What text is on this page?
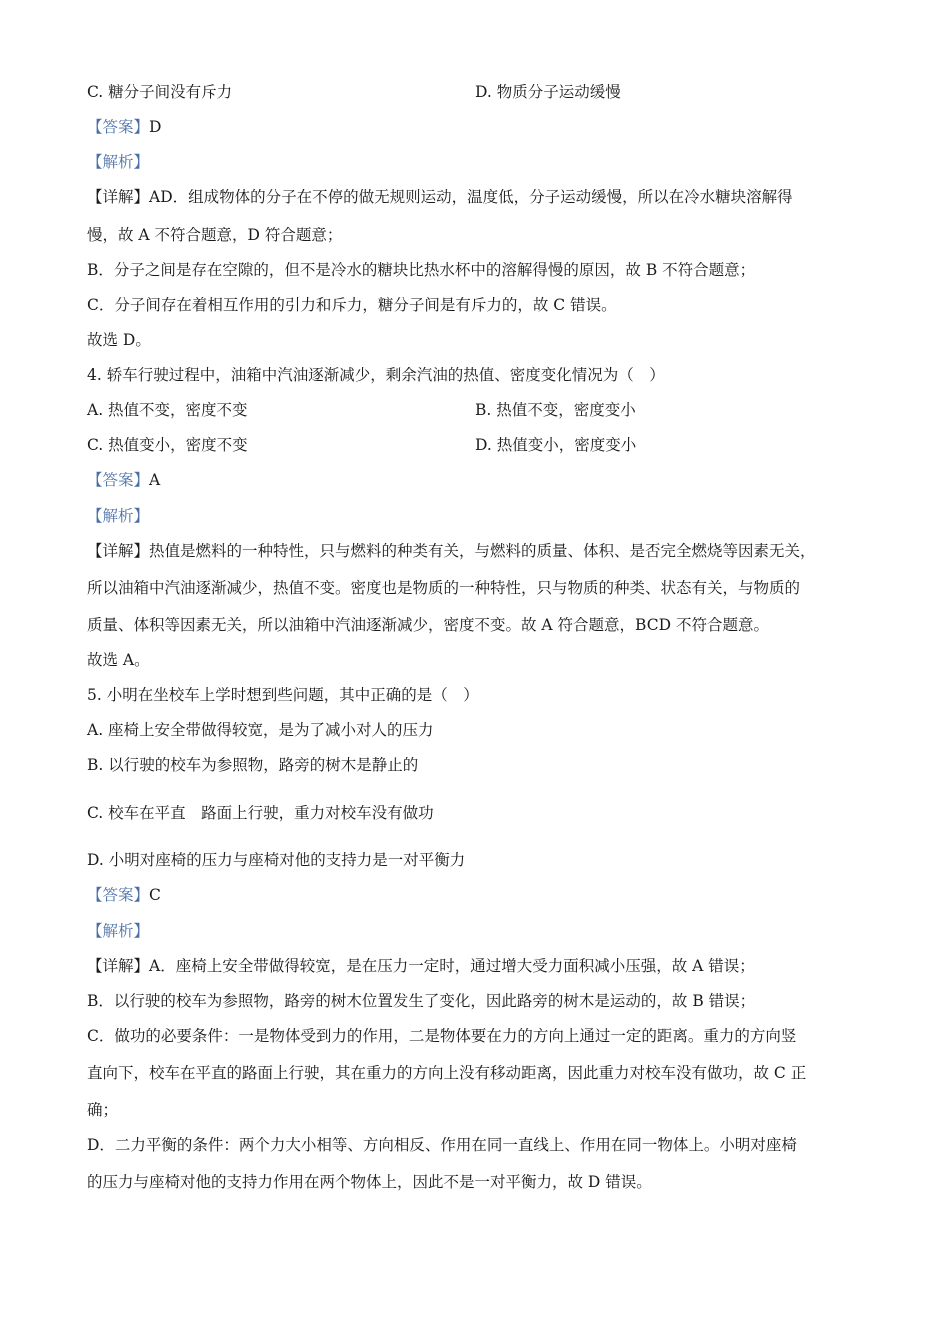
C. 糖分子间没有斥力	D. 物质分子运动缓慢
【答案】D
【解析】
【详解】AD．组成物体的分子在不停的做无规则运动，温度低，分子运动缓慢，所以在冷水糖块溶解得
慢，故 A 不符合题意，D 符合题意；
B．分子之间是存在空隙的，但不是冷水的糖块比热水杯中的溶解得慢的原因，故 B 不符合题意；
C．分子间存在着相互作用的引力和斥力，糖分子间是有斥力的，故 C 错误。
故选 D。
4. 轿车行驶过程中，油箱中汽油逐渐减少，剩余汽油的热值、密度变化情况为（　）
A. 热值不变，密度不变	B. 热值不变，密度变小
C. 热值变小，密度不变	D. 热值变小，密度变小
【答案】A
【解析】
【详解】热值是燃料的一种特性，只与燃料的种类有关，与燃料的质量、体积、是否完全燃烧等因素无关，
所以油箱中汽油逐渐减少，热值不变。密度也是物质的一种特性，只与物质的种类、状态有关，与物质的
质量、体积等因素无关，所以油箱中汽油逐渐减少，密度不变。故 A 符合题意，BCD 不符合题意。
故选 A。
5. 小明在坐校车上学时想到些问题，其中正确的是（　）
A. 座椅上安全带做得较宽，是为了减小对人的压力
B. 以行驶的校车为参照物，路旁的树木是静止的
C. 校车在平直　路面上行驶，重力对校车没有做功
D. 小明对座椅的压力与座椅对他的支持力是一对平衡力
【答案】C
【解析】
【详解】A．座椅上安全带做得较宽，是在压力一定时，通过增大受力面积减小压强，故 A 错误；
B．以行驶的校车为参照物，路旁的树木位置发生了变化，因此路旁的树木是运动的，故 B 错误；
C．做功的必要条件：一是物体受到力的作用，二是物体要在力的方向上通过一定的距离。重力的方向竖
直向下，校车在平直的路面上行驶，其在重力的方向上没有移动距离，因此重力对校车没有做功，故 C 正
确；
D．二力平衡的条件：两个力大小相等、方向相反、作用在同一直线上、作用在同一物体上。小明对座椅
的压力与座椅对他的支持力作用在两个物体上，因此不是一对平衡力，故 D 错误。
